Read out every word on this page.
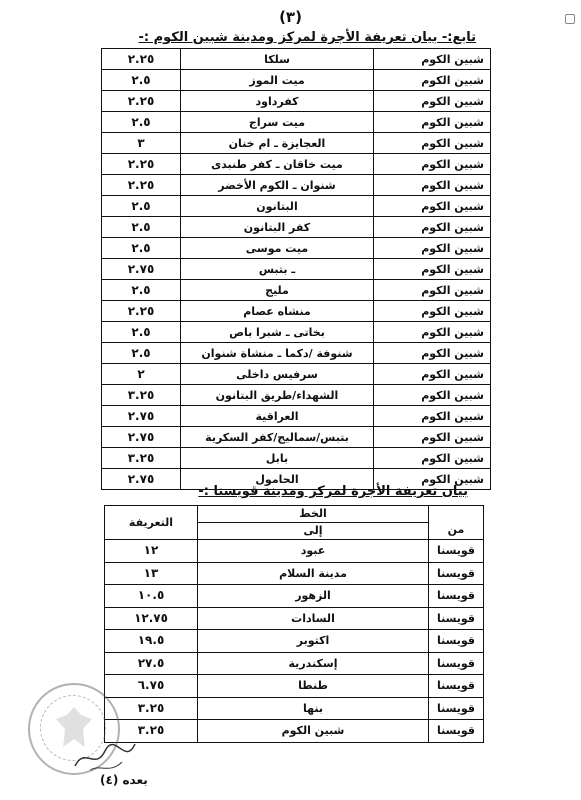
(٣)
تابع:- بيان تعريفة الأجرة لمركز ومدينة شبين الكوم :-
شبين الكوم	سلكا	٢.٢٥
شبين الكوم	ميت الموز	٢.٥
شبين الكوم	كفرداود	٢.٢٥
شبين الكوم	ميت سراج	٢.٥
شبين الكوم	العجايزة ـ ام خنان	٣
شبين الكوم	ميت خاقان ـ كفر طنبدى	٢.٢٥
شبين الكوم	شنوان ـ الكوم الأخضر	٢.٢٥
شبين الكوم	البتانون	٢.٥
شبين الكوم	كفر البتانون	٢.٥
شبين الكوم	ميت موسى	٢.٥
شبين الكوم	ـ بتبس	٢.٧٥
شبين الكوم	مليج	٢.٥
شبين الكوم	منشاه عصام	٢.٢٥
شبين الكوم	بخاتى ـ شبرا باص	٢.٥
شبين الكوم	شنوفة /دكما ـ منشاة شنوان	٢.٥
شبين الكوم	سرفيس داخلى	٢
شبين الكوم	الشهداء/طريق البتانون	٣.٢٥
شبين الكوم	العراقية	٢.٧٥
شبين الكوم	بتبس/سماليج/كفر السكرية	٢.٧٥
شبين الكوم	بابل	٣.٢٥
شبين الكوم	الحامول	٢.٧٥
بيان تعريفة الأجرة لمركز ومدينة قويسنا :-
من	الخط	التعريفة
	إلى	
قويسنا	عبود	١٢
قويسنا	مدينة السلام	١٣
قويسنا	الزهور	١٠.٥
قويسنا	السادات	١٢.٧٥
قويسنا	اكتوبر	١٩.٥
قويسنا	إسكندرية	٢٧.٥
قويسنا	طنطا	٦.٧٥
قويسنا	بنها	٣.٢٥
قويسنا	شبين الكوم	٣.٢٥
بعده (٤)
